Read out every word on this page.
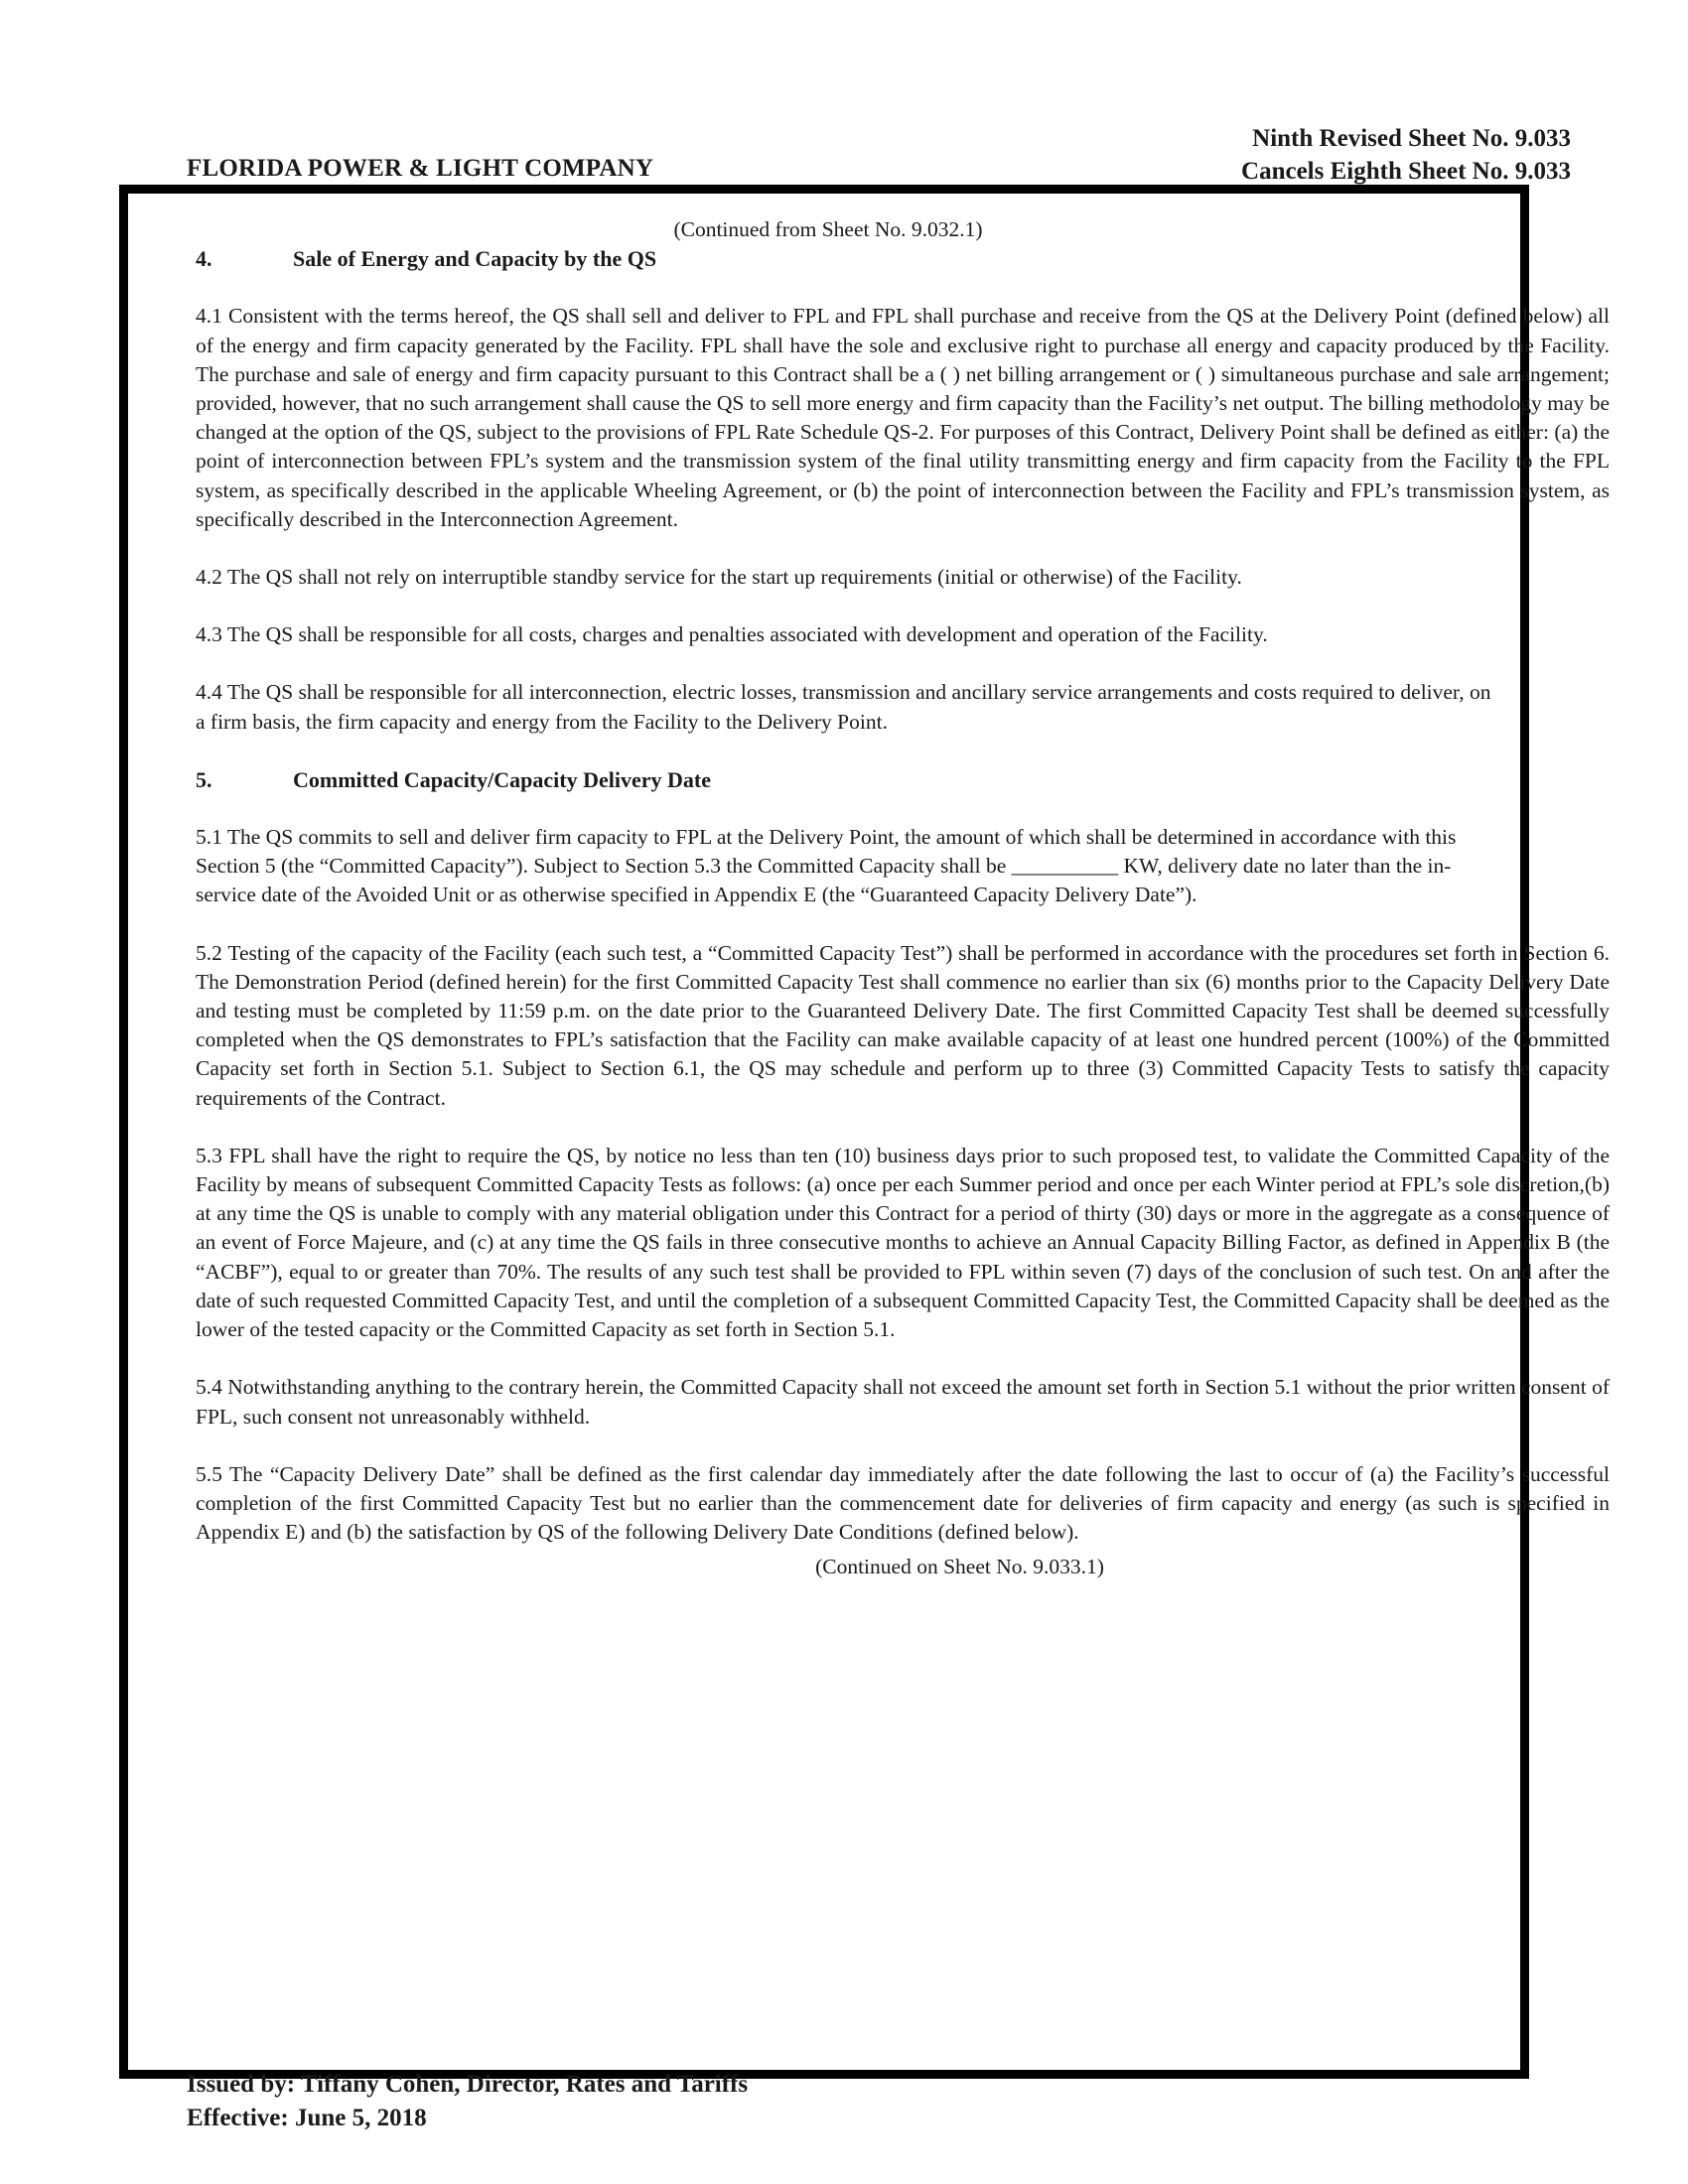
FLORIDA POWER & LIGHT COMPANY
Ninth Revised Sheet No. 9.033
Cancels Eighth Sheet No. 9.033

(Continued from Sheet No. 9.032.1)

4.	Sale of Energy and Capacity by the QS

4.1 Consistent with the terms hereof, the QS shall sell and deliver to FPL and FPL shall purchase and receive from the QS at the Delivery Point (defined below) all of the energy and firm capacity generated by the Facility. FPL shall have the sole and exclusive right to purchase all energy and capacity produced by the Facility. The purchase and sale of energy and firm capacity pursuant to this Contract shall be a ( ) net billing arrangement or ( ) simultaneous purchase and sale arrangement; provided, however, that no such arrangement shall cause the QS to sell more energy and firm capacity than the Facility’s net output. The billing methodology may be changed at the option of the QS, subject to the provisions of FPL Rate Schedule QS-2. For purposes of this Contract, Delivery Point shall be defined as either: (a) the point of interconnection between FPL’s system and the transmission system of the final utility transmitting energy and firm capacity from the Facility to the FPL system, as specifically described in the applicable Wheeling Agreement, or (b) the point of interconnection between the Facility and FPL’s transmission system, as specifically described in the Interconnection Agreement.

4.2 The QS shall not rely on interruptible standby service for the start up requirements (initial or otherwise) of the Facility.

4.3 The QS shall be responsible for all costs, charges and penalties associated with development and operation of the Facility.

4.4 The QS shall be responsible for all interconnection, electric losses, transmission and ancillary service arrangements and costs required to deliver, on a firm basis, the firm capacity and energy from the Facility to the Delivery Point.

5.	Committed Capacity/Capacity Delivery Date

5.1 The QS commits to sell and deliver firm capacity to FPL at the Delivery Point, the amount of which shall be determined in accordance with this Section 5 (the “Committed Capacity”). Subject to Section 5.3 the Committed Capacity shall be __________ KW, delivery date no later than the in-service date of the Avoided Unit or as otherwise specified in Appendix E (the “Guaranteed Capacity Delivery Date”).

5.2 Testing of the capacity of the Facility (each such test, a “Committed Capacity Test”) shall be performed in accordance with the procedures set forth in Section 6. The Demonstration Period (defined herein) for the first Committed Capacity Test shall commence no earlier than six (6) months prior to the Capacity Delivery Date and testing must be completed by 11:59 p.m. on the date prior to the Guaranteed Delivery Date. The first Committed Capacity Test shall be deemed successfully completed when the QS demonstrates to FPL’s satisfaction that the Facility can make available capacity of at least one hundred percent (100%) of the Committed Capacity set forth in Section 5.1. Subject to Section 6.1, the QS may schedule and perform up to three (3) Committed Capacity Tests to satisfy the capacity requirements of the Contract.

5.3 FPL shall have the right to require the QS, by notice no less than ten (10) business days prior to such proposed test, to validate the Committed Capacity of the Facility by means of subsequent Committed Capacity Tests as follows: (a) once per each Summer period and once per each Winter period at FPL’s sole discretion,(b) at any time the QS is unable to comply with any material obligation under this Contract for a period of thirty (30) days or more in the aggregate as a consequence of an event of Force Majeure, and (c) at any time the QS fails in three consecutive months to achieve an Annual Capacity Billing Factor, as defined in Appendix B (the “ACBF”), equal to or greater than 70%. The results of any such test shall be provided to FPL within seven (7) days of the conclusion of such test. On and after the date of such requested Committed Capacity Test, and until the completion of a subsequent Committed Capacity Test, the Committed Capacity shall be deemed as the lower of the tested capacity or the Committed Capacity as set forth in Section 5.1.

5.4 Notwithstanding anything to the contrary herein, the Committed Capacity shall not exceed the amount set forth in Section 5.1 without the prior written consent of FPL, such consent not unreasonably withheld.

5.5 The “Capacity Delivery Date” shall be defined as the first calendar day immediately after the date following the last to occur of (a) the Facility’s successful completion of the first Committed Capacity Test but no earlier than the commencement date for deliveries of firm capacity and energy (as such is specified in Appendix E) and (b) the satisfaction by QS of the following Delivery Date Conditions (defined below).

(Continued on Sheet No. 9.033.1)

Issued by: Tiffany Cohen, Director, Rates and Tariffs
Effective: June 5, 2018
